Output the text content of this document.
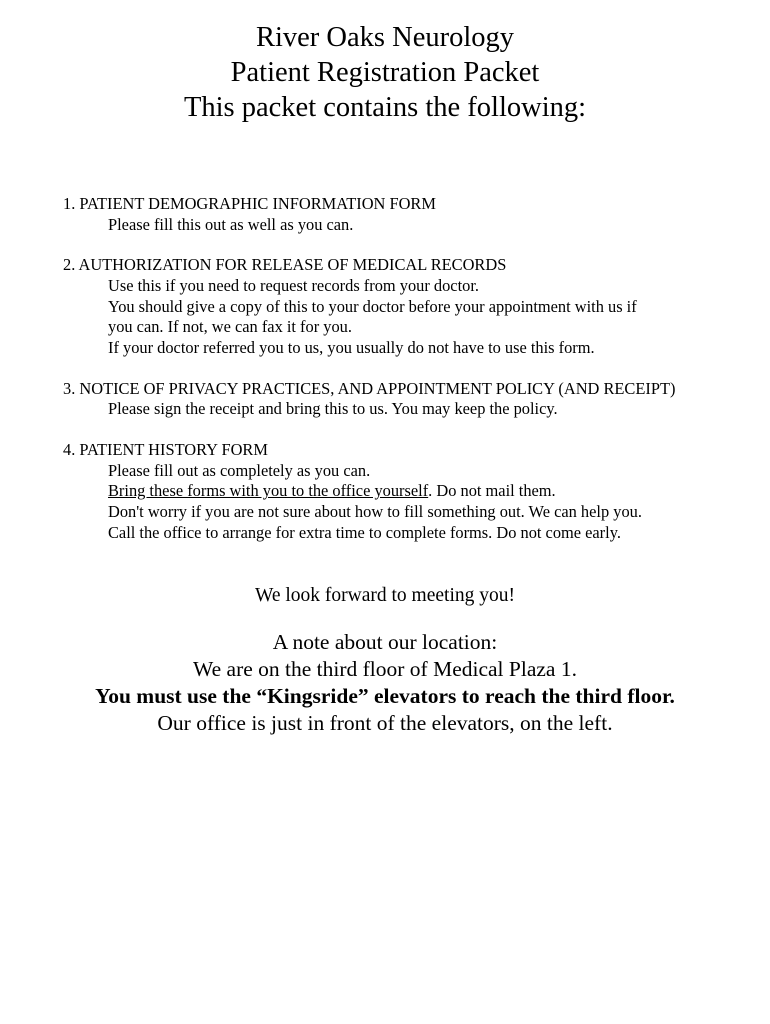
River Oaks Neurology
Patient Registration Packet
This packet contains the following:
1. PATIENT DEMOGRAPHIC INFORMATION FORM
Please fill this out as well as you can.
2. AUTHORIZATION FOR RELEASE OF MEDICAL RECORDS
Use this if you need to request records from your doctor.
You should give a copy of this to your doctor before your appointment with us if
you can. If not, we can fax it for you.
If your doctor referred you to us, you usually do not have to use this form.
3. NOTICE OF PRIVACY PRACTICES, AND APPOINTMENT POLICY (AND RECEIPT)
Please sign the receipt and bring this to us. You may keep the policy.
4. PATIENT HISTORY FORM
Please fill out as completely as you can.
Bring these forms with you to the office yourself. Do not mail them.
Don't worry if you are not sure about how to fill something out. We can help you.
Call the office to arrange for extra time to complete forms. Do not come early.
We look forward to meeting you!
A note about our location:
We are on the third floor of Medical Plaza 1.
You must use the “Kingsride” elevators to reach the third floor.
Our office is just in front of the elevators, on the left.
